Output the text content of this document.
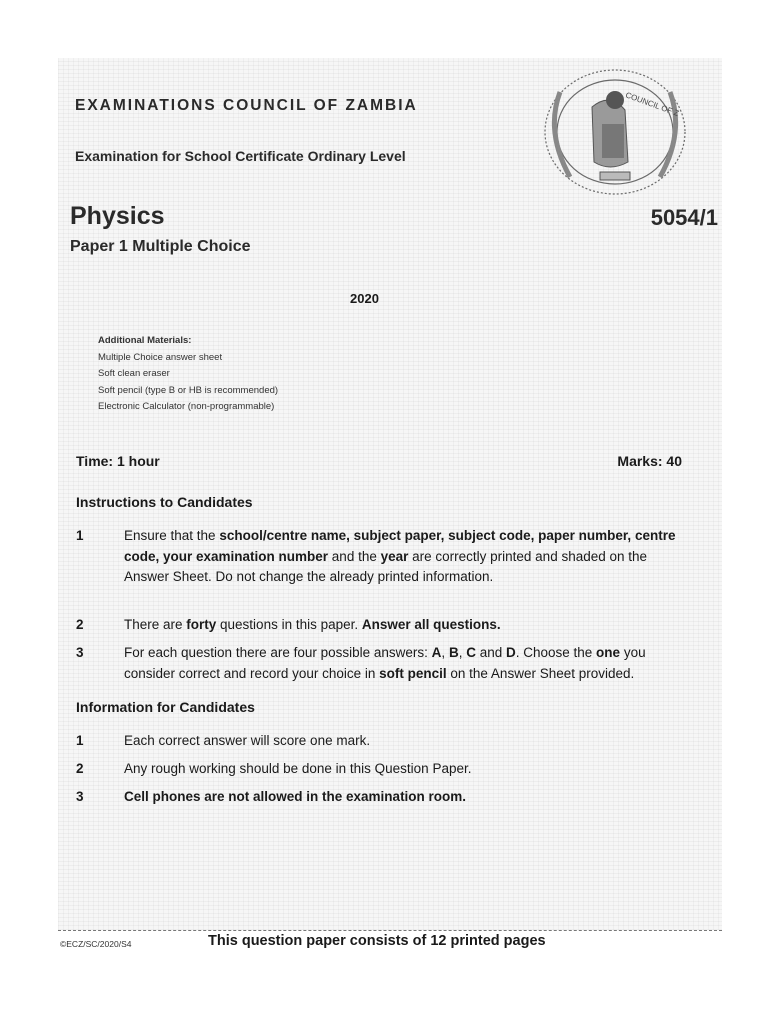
COUNCIL OF Z
EXAMINATIONS COUNCIL OF ZAMBIA
Examination for School Certificate Ordinary Level
Physics	5054/1
Paper 1 Multiple Choice
2020
Additional Materials:
Multiple Choice answer sheet
Soft clean eraser
Soft pencil (type B or HB is recommended)
Electronic Calculator (non-programmable)
Time: 1 hour	Marks: 40
Instructions to Candidates
1	Ensure that the school/centre name, subject paper, subject code, paper number, centre code, your examination number and the year are correctly printed and shaded on the Answer Sheet. Do not change the already printed information.
2	There are forty questions in this paper. Answer all questions.
3	For each question there are four possible answers: A, B, C and D. Choose the one you consider correct and record your choice in soft pencil on the Answer Sheet provided.
Information for Candidates
1	Each correct answer will score one mark.
2	Any rough working should be done in this Question Paper.
3	Cell phones are not allowed in the examination room.
©ECZ/SC/2020/S4	This question paper consists of 12 printed pages
